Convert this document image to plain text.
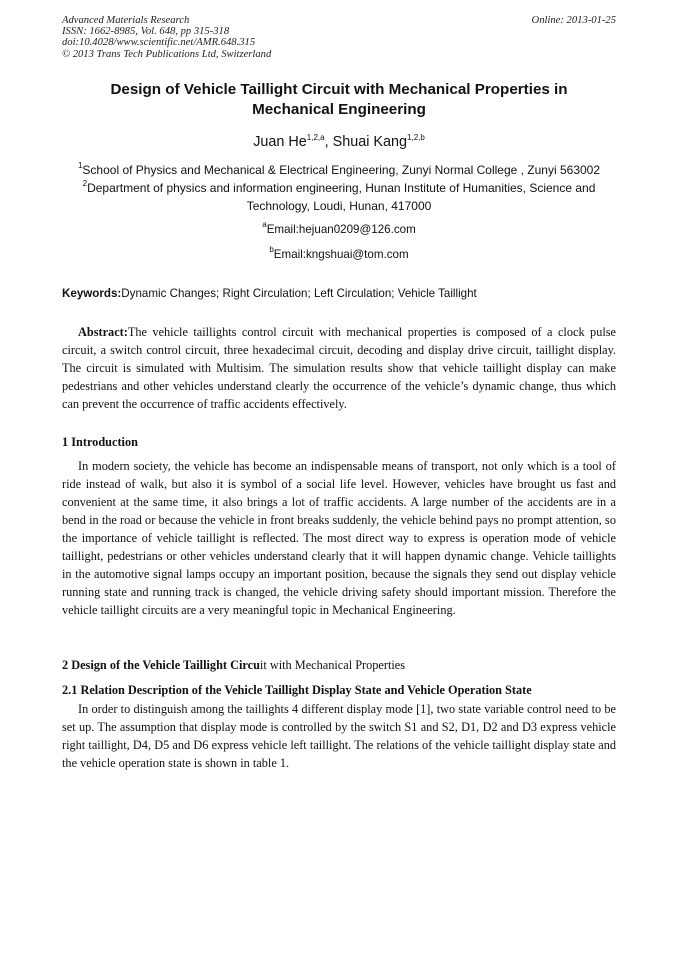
Advanced Materials Research
ISSN: 1662-8985, Vol. 648, pp 315-318
doi:10.4028/www.scientific.net/AMR.648.315
© 2013 Trans Tech Publications Ltd, Switzerland
Online: 2013-01-25
Design of Vehicle Taillight Circuit with Mechanical Properties in
Mechanical Engineering
Juan He$^{1,2,a}$, Shuai Kang$^{1,2,b}$
$^1$School of Physics and Mechanical & Electrical Engineering, Zunyi Normal College , Zunyi 563002
$^2$Department of physics and information engineering, Hunan Institute of Humanities, Science and
Technology, Loudi, Hunan, 417000
$^a$Email:hejuan0209@126.com
$^b$Email:kngshuai@tom.com
Keywords:Dynamic Changes; Right Circulation; Left Circulation; Vehicle Taillight

Abstract:The vehicle taillights control circuit with mechanical properties is composed of a clock pulse circuit, a switch control circuit, three hexadecimal circuit, decoding and display drive circuit, taillight display. The circuit is simulated with Multisim. The simulation results show that vehicle taillight display can make pedestrians and other vehicles understand clearly the occurrence of the vehicle’s dynamic change, thus which can prevent the occurrence of traffic accidents effectively.

1 Introduction

In modern society, the vehicle has become an indispensable means of transport, not only which is a tool of ride instead of walk, but also it is symbol of a social life level. However, vehicles have brought us fast and convenient at the same time, it also brings a lot of traffic accidents. A large number of the accidents are in a bend in the road or because the vehicle in front breaks suddenly, the vehicle behind pays no prompt attention, so the importance of vehicle taillight is reflected. The most direct way to express is operation mode of vehicle taillight, pedestrians or other vehicles understand clearly that it will happen dynamic change. Vehicle taillights in the automotive signal lamps occupy an important position, because the signals they send out display vehicle running state and running track is changed, the vehicle driving safety should important mission. Therefore the vehicle taillight circuits are a very meaningful topic in Mechanical Engineering.

2 Design of the Vehicle Taillight Circuit with Mechanical Properties
2.1 Relation Description of the Vehicle Taillight Display State and Vehicle Operation State

In order to distinguish among the taillights 4 different display mode [1], two state variable control need to be set up. The assumption that display mode is controlled by the switch S1 and S2, D1, D2 and D3 express vehicle right taillight, D4, D5 and D6 express vehicle left taillight. The relations of the vehicle taillight display state and the vehicle operation state is shown in table 1.
